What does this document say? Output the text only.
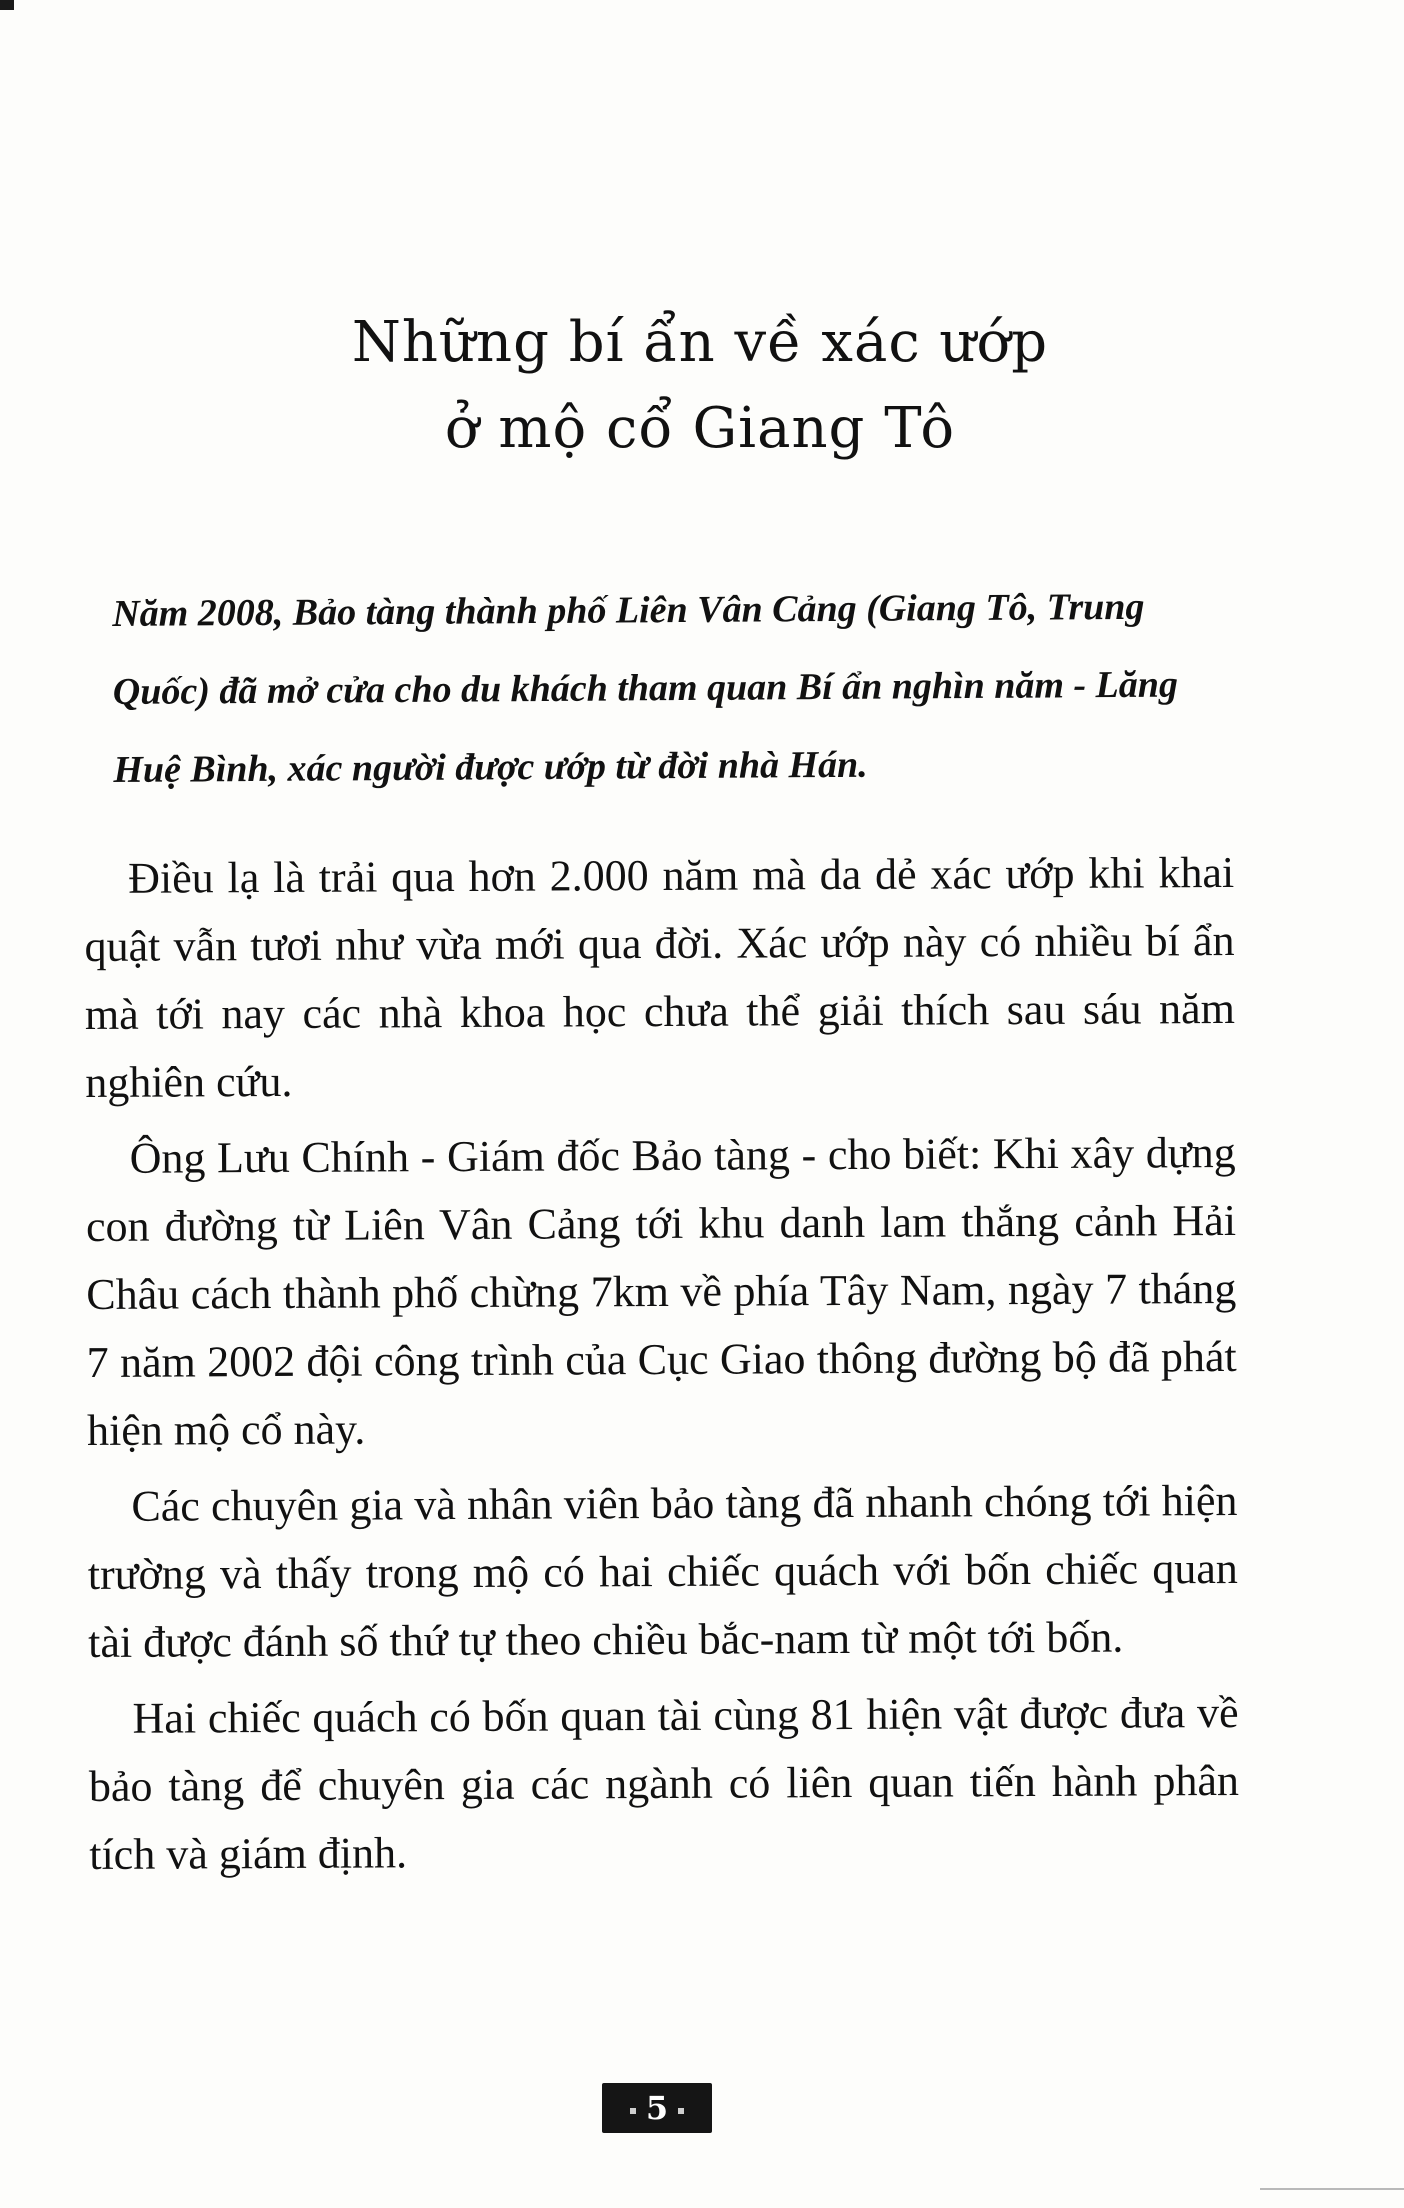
Những bí ẩn về xác ướp
ở mộ cổ Giang Tô

Năm 2008, Bảo tàng thành phố Liên Vân Cảng (Giang Tô, Trung Quốc) đã mở cửa cho du khách tham quan Bí ẩn nghìn năm - Lăng Huệ Bình, xác người được ướp từ đời nhà Hán.

Điều lạ là trải qua hơn 2.000 năm mà da dẻ xác ướp khi khai quật vẫn tươi như vừa mới qua đời. Xác ướp này có nhiều bí ẩn mà tới nay các nhà khoa học chưa thể giải thích sau sáu năm nghiên cứu.

Ông Lưu Chính - Giám đốc Bảo tàng - cho biết: Khi xây dựng con đường từ Liên Vân Cảng tới khu danh lam thắng cảnh Hải Châu cách thành phố chừng 7km về phía Tây Nam, ngày 7 tháng 7 năm 2002 đội công trình của Cục Giao thông đường bộ đã phát hiện mộ cổ này.

Các chuyên gia và nhân viên bảo tàng đã nhanh chóng tới hiện trường và thấy trong mộ có hai chiếc quách với bốn chiếc quan tài được đánh số thứ tự theo chiều bắc-nam từ một tới bốn.

Hai chiếc quách có bốn quan tài cùng 81 hiện vật được đưa về bảo tàng để chuyên gia các ngành có liên quan tiến hành phân tích và giám định.

5
